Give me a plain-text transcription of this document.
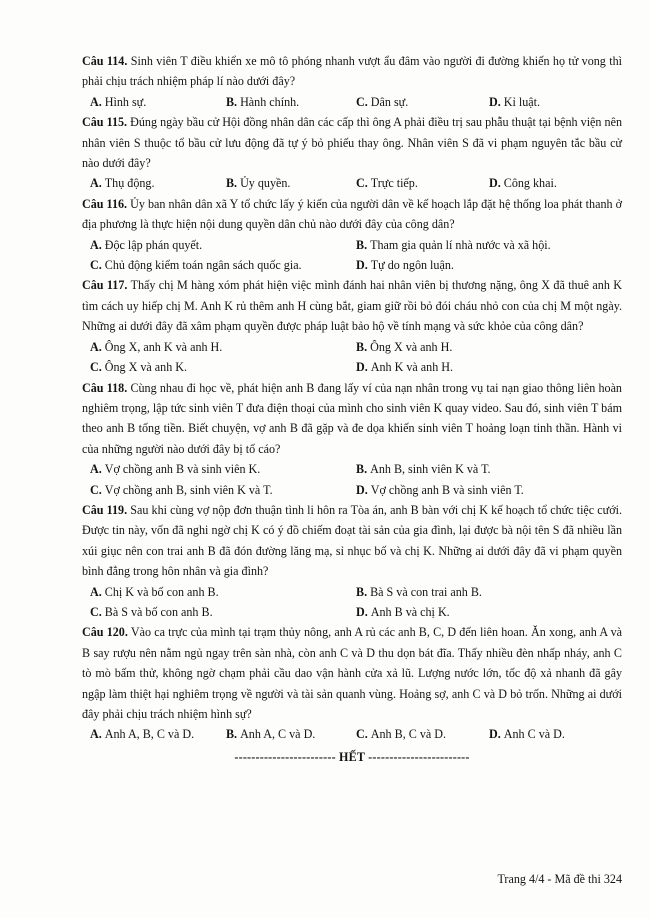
Câu 114. Sinh viên T điều khiển xe mô tô phóng nhanh vượt ẩu đâm vào người đi đường khiến họ tử vong thì phải chịu trách nhiệm pháp lí nào dưới đây?

A. Hình sự.	B. Hành chính.	C. Dân sự.	D. Kỉ luật.

Câu 115. Đúng ngày bầu cử Hội đồng nhân dân các cấp thì ông A phải điều trị sau phẫu thuật tại bệnh viện nên nhân viên S thuộc tổ bầu cử lưu động đã tự ý bỏ phiếu thay ông. Nhân viên S đã vi phạm nguyên tắc bầu cử nào dưới đây?

A. Thụ động.	B. Ủy quyền.	C. Trực tiếp.	D. Công khai.

Câu 116. Ủy ban nhân dân xã Y tổ chức lấy ý kiến của người dân về kế hoạch lắp đặt hệ thống loa phát thanh ở địa phương là thực hiện nội dung quyền dân chủ nào dưới đây của công dân?

A. Độc lập phán quyết.	B. Tham gia quản lí nhà nước và xã hội.
C. Chủ động kiểm toán ngân sách quốc gia.	D. Tự do ngôn luận.

Câu 117. Thấy chị M hàng xóm phát hiện việc mình đánh hai nhân viên bị thương nặng, ông X đã thuê anh K tìm cách uy hiếp chị M. Anh K rủ thêm anh H cùng bắt, giam giữ rồi bỏ đói cháu nhỏ con của chị M một ngày. Những ai dưới đây đã xâm phạm quyền được pháp luật bảo hộ về tính mạng và sức khỏe của công dân?

A. Ông X, anh K và anh H.	B. Ông X và anh H.
C. Ông X và anh K.	D. Anh K và anh H.

Câu 118. Cùng nhau đi học về, phát hiện anh B đang lấy ví của nạn nhân trong vụ tai nạn giao thông liên hoàn nghiêm trọng, lập tức sinh viên T đưa điện thoại của mình cho sinh viên K quay video. Sau đó, sinh viên T bám theo anh B tống tiền. Biết chuyện, vợ anh B đã gặp và đe dọa khiến sinh viên T hoảng loạn tinh thần. Hành vi của những người nào dưới đây bị tố cáo?

A. Vợ chồng anh B và sinh viên K.	B. Anh B, sinh viên K và T.
C. Vợ chồng anh B, sinh viên K và T.	D. Vợ chồng anh B và sinh viên T.

Câu 119. Sau khi cùng vợ nộp đơn thuận tình li hôn ra Tòa án, anh B bàn với chị K kế hoạch tổ chức tiệc cưới. Được tin này, vốn đã nghi ngờ chị K có ý đồ chiếm đoạt tài sản của gia đình, lại được bà nội tên S đã nhiều lần xúi giục nên con trai anh B đã đón đường lăng mạ, sỉ nhục bố và chị K. Những ai dưới đây đã vi phạm quyền bình đẳng trong hôn nhân và gia đình?

A. Chị K và bố con anh B.	B. Bà S và con trai anh B.
C. Bà S và bố con anh B.	D. Anh B và chị K.

Câu 120. Vào ca trực của mình tại trạm thủy nông, anh A rủ các anh B, C, D đến liên hoan. Ăn xong, anh A và B say rượu nên nằm ngủ ngay trên sàn nhà, còn anh C và D thu dọn bát đĩa. Thấy nhiều đèn nhấp nháy, anh C tò mò bấm thử, không ngờ chạm phải cầu dao vận hành cửa xả lũ. Lượng nước lớn, tốc độ xả nhanh đã gây ngập làm thiệt hại nghiêm trọng về người và tài sản quanh vùng. Hoảng sợ, anh C và D bỏ trốn. Những ai dưới đây phải chịu trách nhiệm hình sự?

A. Anh A, B, C và D.	B. Anh A, C và D.	C. Anh B, C và D.	D. Anh C và D.
------------------------ HẾT ------------------------
Trang 4/4 - Mã đề thi 324
